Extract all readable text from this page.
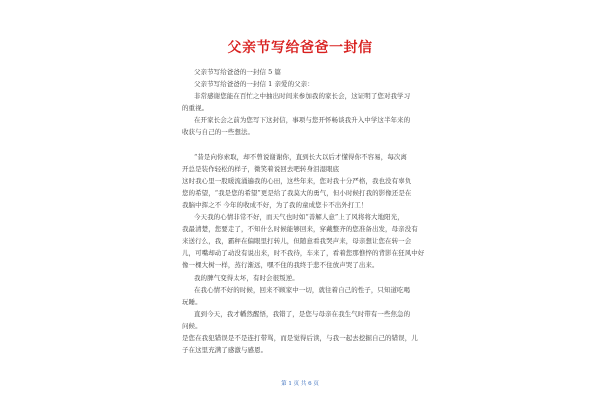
父亲节写给爸爸一封信
父亲节写给爸爸的一封信 5 篇
父亲节写给爸爸的一封信 1 亲爱的父亲：
非常感谢您能在百忙之中抽出时间来参加我的家长会，这证明了您对我学习
的重视。
在开家长会之前为您写下这封信，事项与您开怀畅谈我升入中学这半年来的
收获与自己的一些想法。
“昔是向你索取，却不曾说谢谢你，直到长大以后才懂得你不容易，每次离
开总是装作轻松的样子，微笑着说回去吧转身泪湿眼底
这时我心里一股暖流涌遍我的心田，这些年来，您对我十分严格，我也没有辜负
您的希望，“我是您的希望”更是给了我莫大的勇气，但小时候打我的影像还是在
我脑中挥之不 今年的收成不好，为了我的童成您卡不出外打工！
今天我的心情非常不好，而天气也时如“善解人意”上了风将将大地阳光，
我最清楚，您要走了，不知什么时候能够回来，穿戴整齐的您准备出发，母亲没有
来送行么，我，霸秤在偏眼里打转儿，但随意看我哭声来，母亲想让您在转一会
儿，可嘴却动了动没有说出来，时不我待，车来了，看着您那憔悴的背影在狂风中好
像一棵大树一样，蒸行渐远，嘿不住的我终于悲不住放声哭了出来。
我的脾气变得太坏，有时会很叛逆。
在我心情不好的时候，回来不顾家中一切，就往着自己的性子，只知道吃喝
玩睡。
直到今天，我才幡然醒悟，我错了，是您与母亲在我生气时带有一些焦急的
问候。
是您在我犯错误是不是连打带骂，而是觉得后读，与我一起去挖掘自己的错误，儿
子在这里充满了感激与感恩。
第 1 页 共 6 页
